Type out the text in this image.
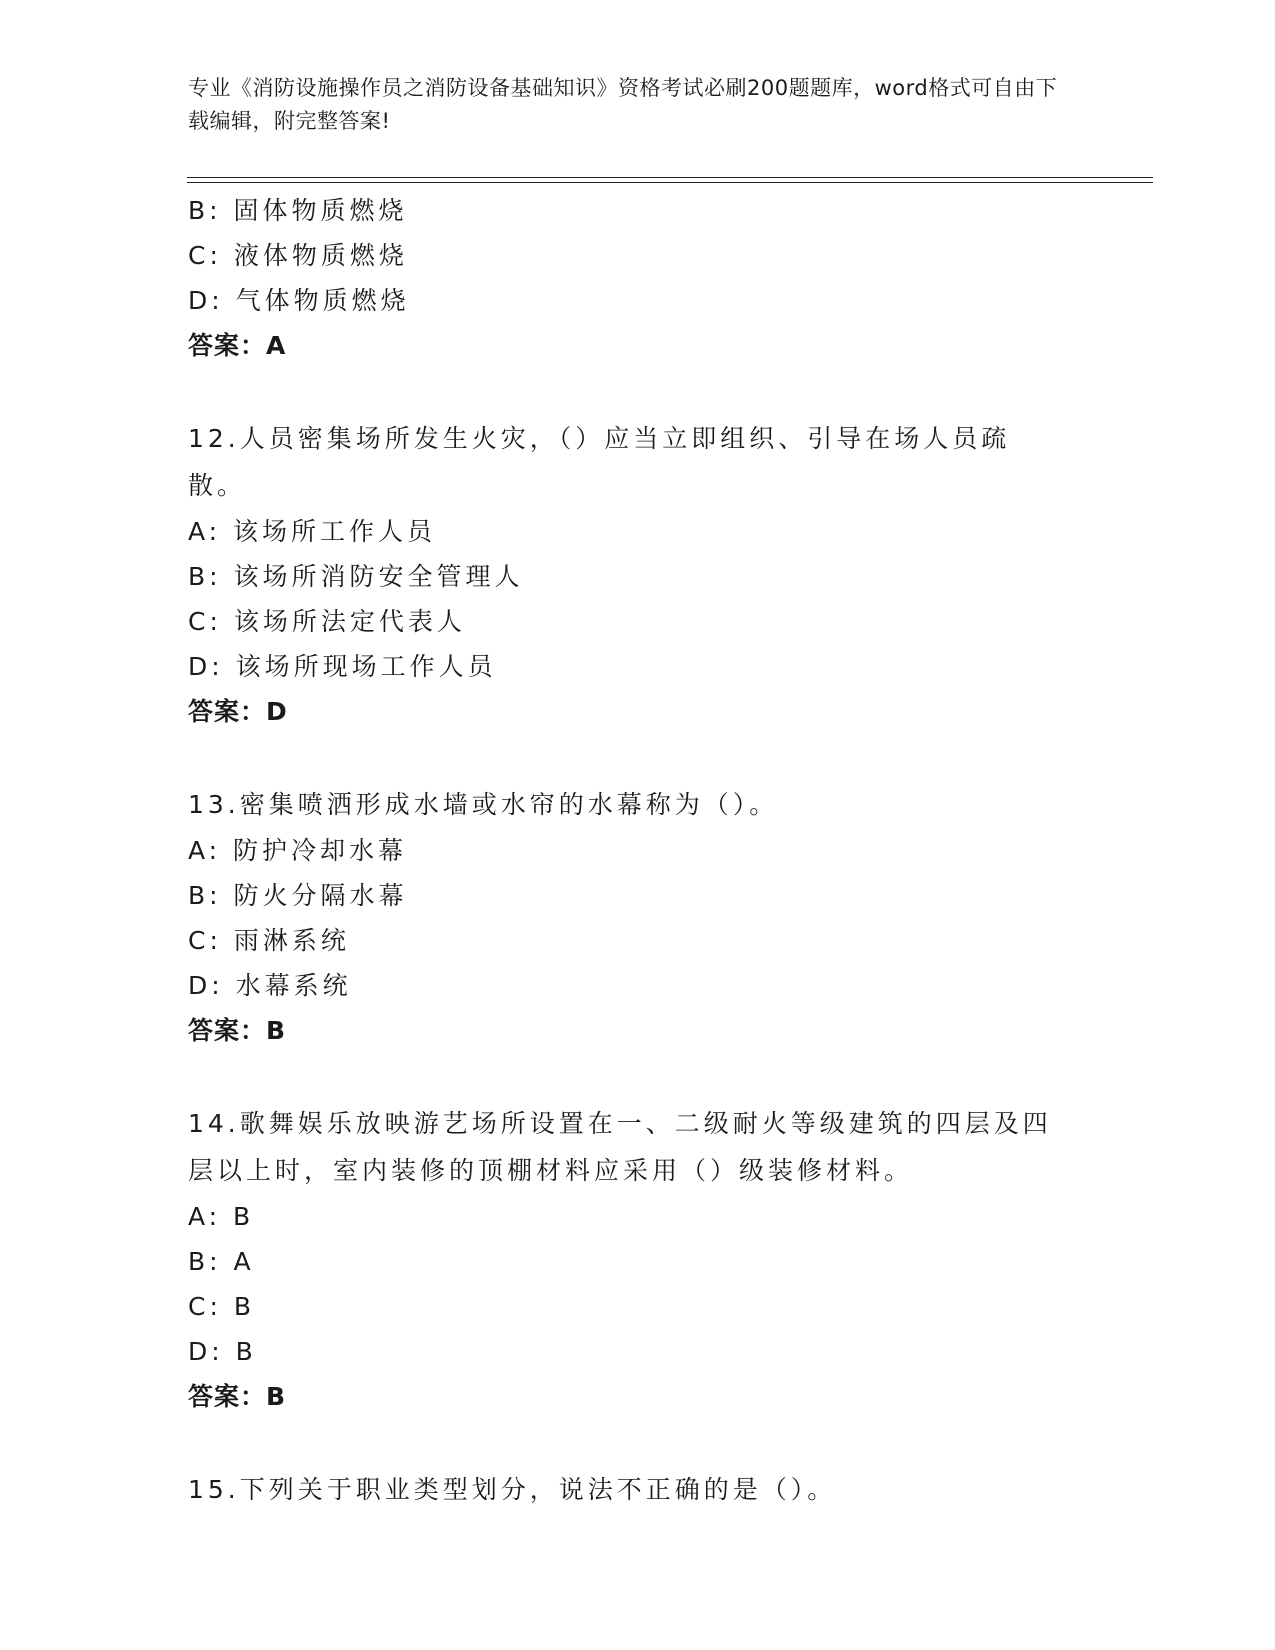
专业《消防设施操作员之消防设备基础知识》资格考试必刷200题题库，word格式可自由下载编辑，附完整答案!
B: 固体物质燃烧
C: 液体物质燃烧
D: 气体物质燃烧
答案：A
12.人员密集场所发生火灾，（）应当立即组织、引导在场人员疏散。
A: 该场所工作人员
B: 该场所消防安全管理人
C: 该场所法定代表人
D: 该场所现场工作人员
答案：D
13.密集喷洒形成水墙或水帘的水幕称为（）。
A: 防护冷却水幕
B: 防火分隔水幕
C: 雨淋系统
D: 水幕系统
答案：B
14.歌舞娱乐放映游艺场所设置在一、二级耐火等级建筑的四层及四层以上时，室内装修的顶棚材料应采用（）级装修材料。
A: B
B: A
C: B
D: B
答案：B
15.下列关于职业类型划分，说法不正确的是（）。
